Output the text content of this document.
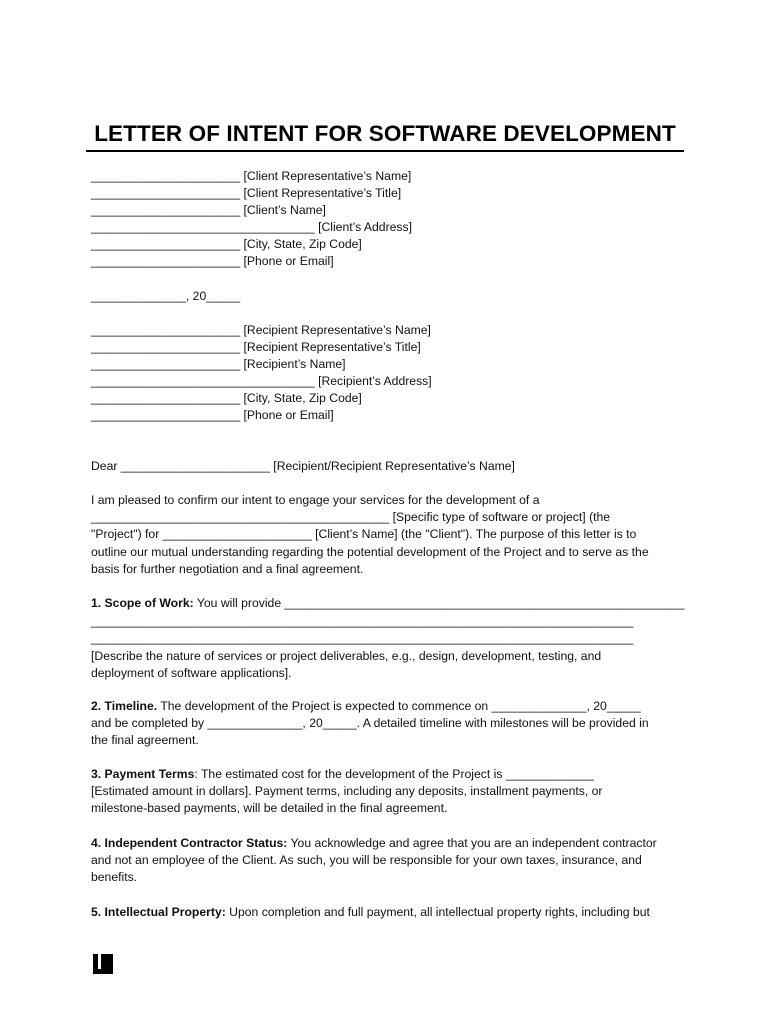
LETTER OF INTENT FOR SOFTWARE DEVELOPMENT
______________________ [Client Representative’s Name]
______________________ [Client Representative’s Title]
______________________ [Client’s Name]
_________________________________ [Client’s Address]
______________________ [City, State, Zip Code]
______________________ [Phone or Email]
______________, 20_____
______________________ [Recipient Representative’s Name]
______________________ [Recipient Representative’s Title]
______________________ [Recipient’s Name]
_________________________________ [Recipient’s Address]
______________________ [City, State, Zip Code]
______________________ [Phone or Email]
Dear ______________________ [Recipient/Recipient Representative’s Name]
I am pleased to confirm our intent to engage your services for the development of a
____________________________________________ [Specific type of software or project] (the
"Project") for ______________________ [Client’s Name] (the "Client"). The purpose of this letter is to
outline our mutual understanding regarding the potential development of the Project and to serve as the
basis for further negotiation and a final agreement.
1. Scope of Work: You will provide ___________________________________________________________
________________________________________________________________________________
________________________________________________________________________________
[Describe the nature of services or project deliverables, e.g., design, development, testing, and
deployment of software applications].
2. Timeline. The development of the Project is expected to commence on ______________, 20_____
and be completed by ______________, 20_____. A detailed timeline with milestones will be provided in
the final agreement.
3. Payment Terms: The estimated cost for the development of the Project is _____________
[Estimated amount in dollars]. Payment terms, including any deposits, installment payments, or
milestone-based payments, will be detailed in the final agreement.
4. Independent Contractor Status: You acknowledge and agree that you are an independent contractor
and not an employee of the Client. As such, you will be responsible for your own taxes, insurance, and
benefits.
5. Intellectual Property: Upon completion and full payment, all intellectual property rights, including but
